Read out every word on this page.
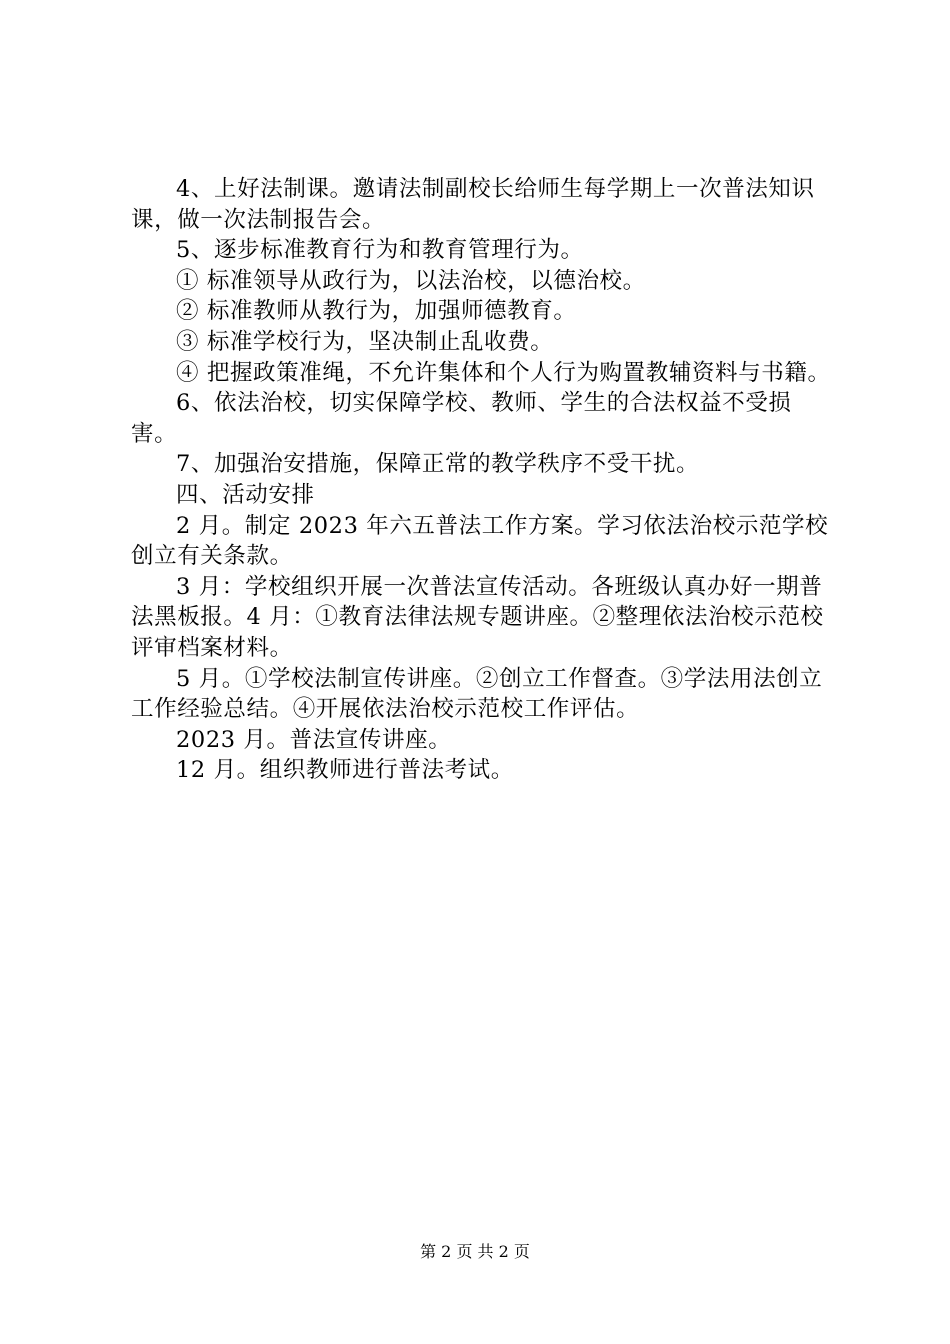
4、上好法制课。邀请法制副校长给师生每学期上一次普法知识课，做一次法制报告会。

5、逐步标准教育行为和教育管理行为。

① 标准领导从政行为，以法治校，以德治校。

② 标准教师从教行为，加强师德教育。

③ 标准学校行为，坚决制止乱收费。

④ 把握政策准绳，不允许集体和个人行为购置教辅资料与书籍。

6、依法治校，切实保障学校、教师、学生的合法权益不受损害。

7、加强治安措施，保障正常的教学秩序不受干扰。

四、活动安排

2 月。制定 2023 年六五普法工作方案。学习依法治校示范学校创立有关条款。

3 月：学校组织开展一次普法宣传活动。各班级认真办好一期普法黑板报。4 月：①教育法律法规专题讲座。②整理依法治校示范校评审档案材料。

5 月。①学校法制宣传讲座。②创立工作督查。③学法用法创立工作经验总结。④开展依法治校示范校工作评估。

2023 月。普法宣传讲座。

12 月。组织教师进行普法考试。

第 2 页 共 2 页
